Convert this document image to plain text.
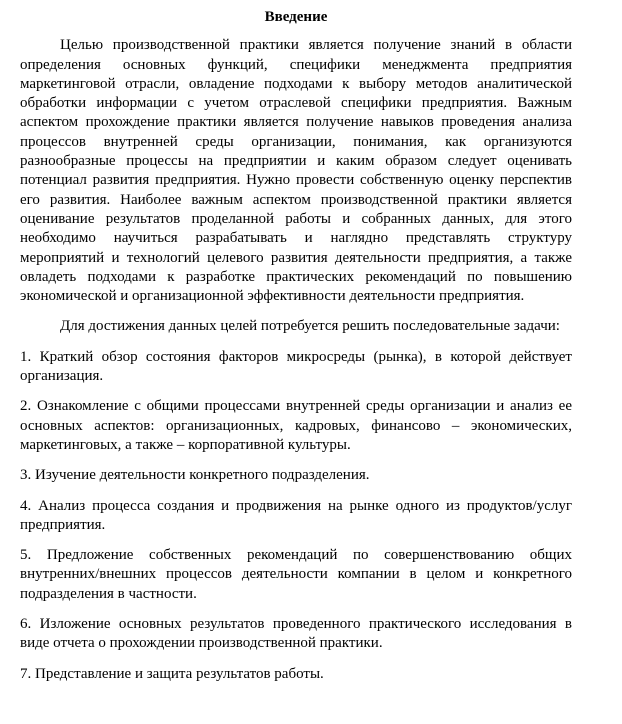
Введение

Целью производственной практики является получение знаний в области определения основных функций, специфики менеджмента предприятия маркетинговой отрасли, овладение подходами к выбору методов аналитической обработки информации с учетом отраслевой специфики предприятия. Важным аспектом прохождение практики является получение навыков проведения анализа процессов внутренней среды организации, понимания, как организуются разнообразные процессы на предприятии и каким образом следует оценивать потенциал развития предприятия. Нужно провести собственную оценку перспектив его развития. Наиболее важным аспектом производственной практики является оценивание результатов проделанной работы и собранных данных, для этого необходимо научиться разрабатывать и наглядно представлять структуру мероприятий и технологий целевого развития деятельности предприятия, а также овладеть подходами к разработке практических рекомендаций по повышению экономической и организационной эффективности деятельности предприятия.

Для достижения данных целей потребуется решить последовательные задачи:

1. Краткий обзор состояния факторов микросреды (рынка), в которой действует организация.

2. Ознакомление с общими процессами внутренней среды организации и анализ ее основных аспектов: организационных, кадровых, финансово – экономических, маркетинговых, а также – корпоративной культуры.

3. Изучение деятельности конкретного подразделения.

4. Анализ процесса создания и продвижения на рынке одного из продуктов/услуг предприятия.

5. Предложение собственных рекомендаций по совершенствованию общих внутренних/внешних процессов деятельности компании в целом и конкретного подразделения в частности.

6. Изложение основных результатов проведенного практического исследования в виде отчета о прохождении производственной практики.

7. Представление и защита результатов работы.
